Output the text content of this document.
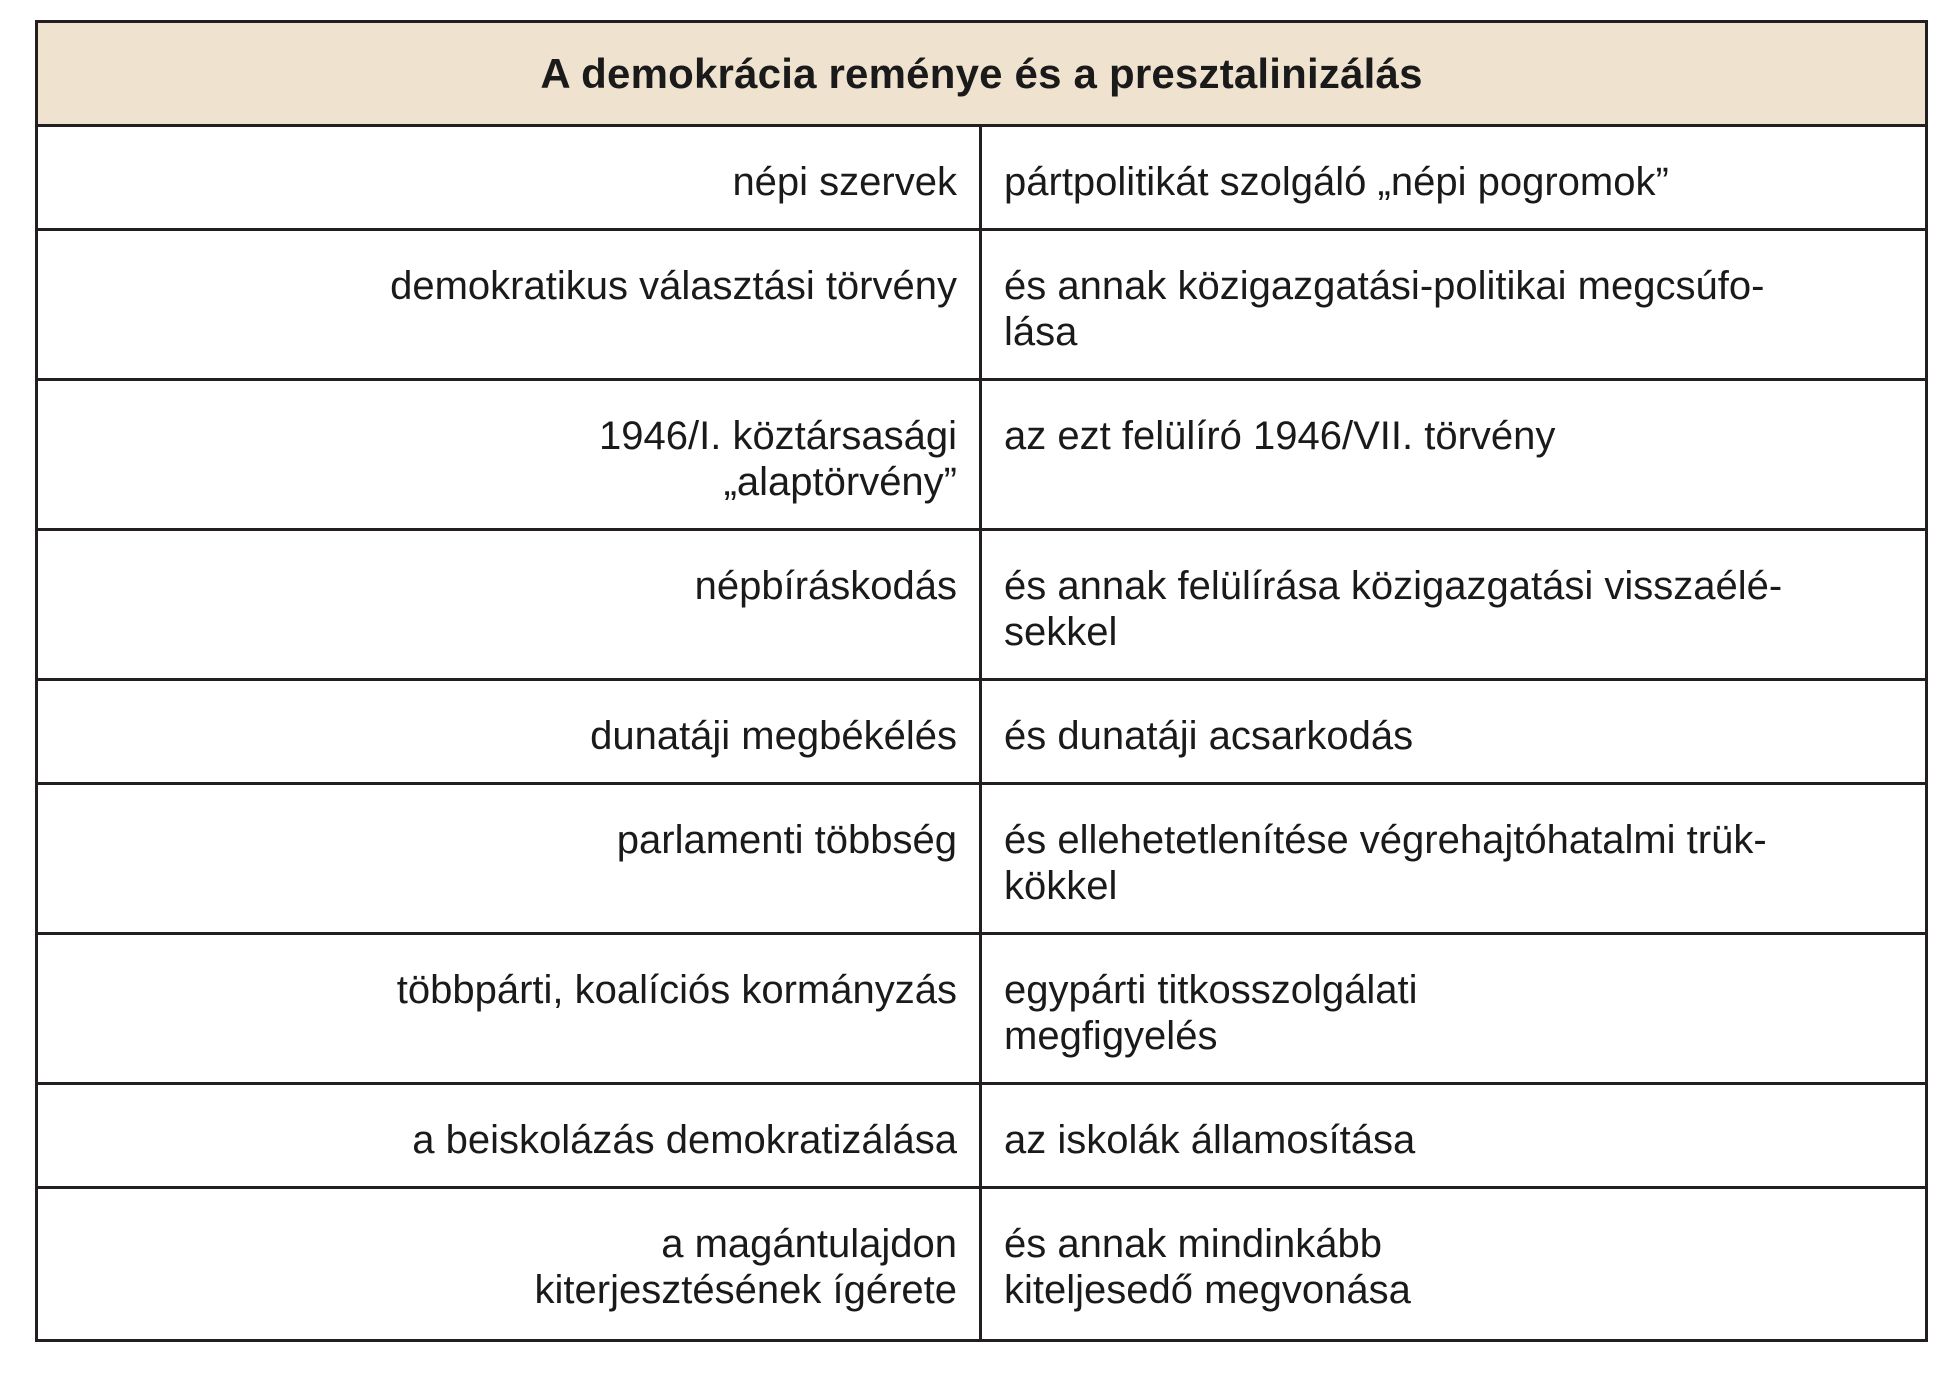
A demokrácia reménye és a presztalinizálás
népi szervek pártpolitikát szolgáló „népi pogromok”
demokratikus választási törvény és annak közigazgatási-politikai megcsúfo-
lása
1946/I. köztársasági
„alaptörvény”
az ezt felülíró 1946/VII. törvény
népbíráskodás és annak felülírása közigazgatási visszaélé-
sekkel
dunatáji megbékélés és dunatáji acsarkodás
parlamenti többség és ellehetetlenítése végrehajtóhatalmi trük-
kökkel
többpárti, koalíciós kormányzás egypárti titkosszolgálati
megfigyelés
a beiskolázás demokratizálása az iskolák államosítása
a magántulajdon
kiterjesztésének ígérete
és annak mindinkább
kiteljesedő megvonása
